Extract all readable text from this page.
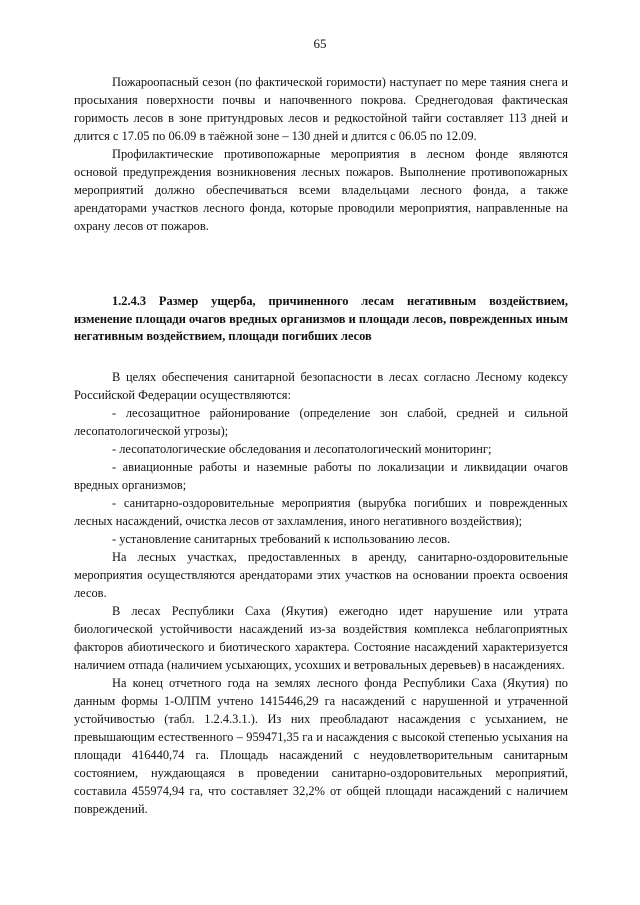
65

Пожароопасный сезон (по фактической горимости) наступает по мере таяния снега и просыхания поверхности почвы и напочвенного покрова. Среднегодовая фактическая горимость лесов в зоне притундровых лесов и редкостойной тайги составляет 113 дней и длится с 17.05 по 06.09 в таёжной зоне – 130 дней и длится с 06.05 по 12.09.

Профилактические противопожарные мероприятия в лесном фонде являются основой предупреждения возникновения лесных пожаров. Выполнение противопожарных мероприятий должно обеспечиваться всеми владельцами лесного фонда, а также арендаторами участков лесного фонда, которые проводили мероприятия, направленные на охрану лесов от пожаров.

1.2.4.3 Размер ущерба, причиненного лесам негативным воздействием, изменение площади очагов вредных организмов и площади лесов, поврежденных иным негативным воздействием, площади погибших лесов

В целях обеспечения санитарной безопасности в лесах согласно Лесному кодексу Российской Федерации осуществляются:

- лесозащитное районирование (определение зон слабой, средней и сильной лесопатологической угрозы);

- лесопатологические обследования и лесопатологический мониторинг;

- авиационные работы и наземные работы по локализации и ликвидации очагов вредных организмов;

- санитарно-оздоровительные мероприятия (вырубка погибших и поврежденных лесных насаждений, очистка лесов от захламления, иного негативного воздействия);

- установление санитарных требований к использованию лесов.

На лесных участках, предоставленных в аренду, санитарно-оздоровительные мероприятия осуществляются арендаторами этих участков на основании проекта освоения лесов.

В лесах Республики Саха (Якутия) ежегодно идет нарушение или утрата биологической устойчивости насаждений из-за воздействия комплекса неблагоприятных факторов абиотического и биотического характера. Состояние насаждений характеризуется наличием отпада (наличием усыхающих, усохших и ветровальных деревьев) в насаждениях.

На конец отчетного года на землях лесного фонда Республики Саха (Якутия) по данным формы 1-ОЛПМ учтено 1415446,29 га насаждений с нарушенной и утраченной устойчивостью (табл. 1.2.4.3.1.). Из них преобладают насаждения с усыханием, не превышающим естественного – 959471,35 га и насаждения с высокой степенью усыхания на площади 416440,74 га. Площадь насаждений с неудовлетворительным санитарным состоянием, нуждающаяся в проведении санитарно-оздоровительных мероприятий, составила 455974,94 га, что составляет 32,2% от общей площади насаждений с наличием повреждений.
